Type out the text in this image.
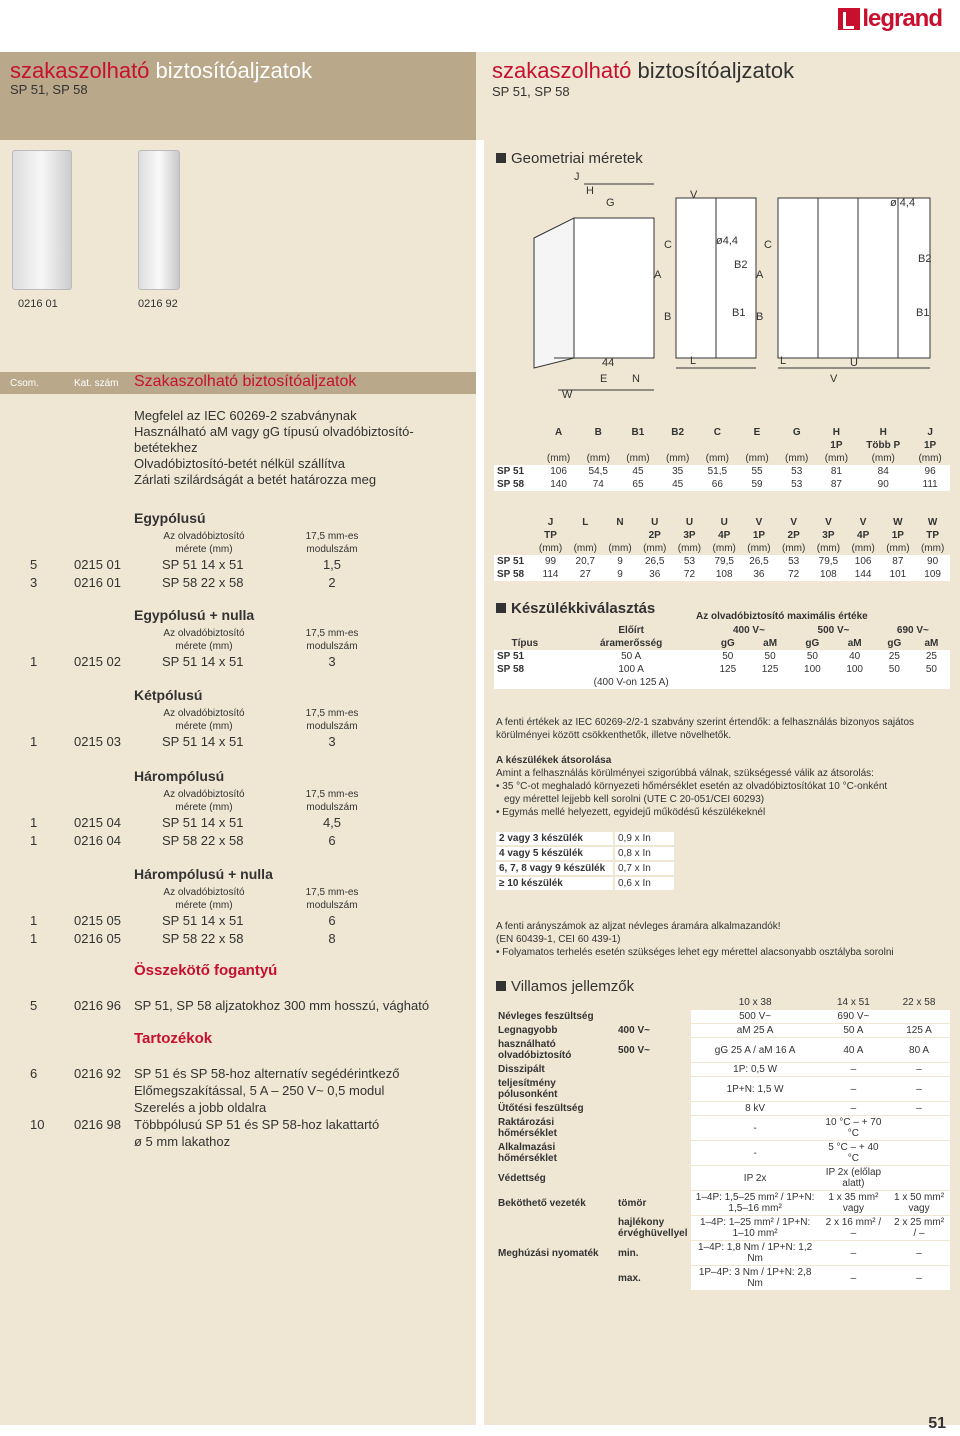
legrand
szakaszolható biztosítóaljzatok
SP 51, SP 58
szakaszolható biztosítóaljzatok
SP 51, SP 58
0216 01	0216 92
Csom.	Kat. szám Szakaszolható biztosítóaljzatok
Megfelel az IEC 60269-2 szabványnak
Használható aM vagy gG típusú olvadóbiztosító-
betétekhez
Olvadóbiztosító-betét nélkül szállítva
Zárlati szilárdságát a betét határozza meg
Egypólusú
Az olvadóbiztosító
mérete (mm)
17,5 mm-es
modulszám
5	0215 01	SP 51 14 x 51	1,5
3	0216 01	SP 58 22 x 58	2
Egypólusú + nulla
Az olvadóbiztosító
mérete (mm)
17,5 mm-es
modulszám
1	0215 02	SP 51 14 x 51	3
Kétpólusú
Az olvadóbiztosító
mérete (mm)
17,5 mm-es
modulszám
1	0215 03	SP 51 14 x 51	3
Hárompólusú
Az olvadóbiztosító
mérete (mm)
17,5 mm-es
modulszám
1	0215 04	SP 51 14 x 51	4,5
1	0216 04	SP 58 22 x 58	6
Hárompólusú + nulla
Az olvadóbiztosító
mérete (mm)
17,5 mm-es
modulszám
1	0215 05	SP 51 14 x 51	6
1	0216 05	SP 58 22 x 58	8
Összekötő fogantyú
5	0216 96 SP 51, SP 58 aljzatokhoz 300 mm hosszú, vágható
Tartozékok
6	0216 92 SP 51 és SP 58-hoz alternatív segédérintkező
Előmegszakítással, 5 A – 250 V~ 0,5 modul
Szerelés a jobb oldalra
10 0216 98 Többpólusú SP 51 és SP 58-hoz lakattartó
ø 5 mm lakathoz
Geometriai méretek
J
H
G
V
ø 4,4
ø4,4
C
A
C
A
B2	B2
B	B1 B	B1
44
E N
L	L	U
V
W
	A	B	B1	B2	C	E	G	H	H	J
								1P	Több P	1P
	(mm)	(mm)	(mm)	(mm)	(mm)	(mm)	(mm)	(mm)	(mm)	(mm)
SP 51	106	54,5	45	35	51,5	55	53	81	84	96
SP 58	140	74	65	45	66	59	53	87	90	111
	J	L	N	U	U	U	V	V	V	V	W	W
	TP			2P	3P	4P	1P	2P	3P	4P	1P	TP
	(mm)	(mm)	(mm)	(mm)	(mm)	(mm)	(mm)	(mm)	(mm)	(mm)	(mm)	(mm)
SP 51	99	20,7	9	26,5	53	79,5	26,5	53	79,5	106	87	90
SP 58	114	27	9	36	72	108	36	72	108	144	101	109
Készülékkiválasztás	Az olvadóbiztosító maximális értéke
	Előírt	400 V~		500 V~		690 V~	
Típus	áramerősség	gG	aM	gG	aM	gG	aM
SP 51	50 A	50	50	50	40	25	25
SP 58	100 A	125	125	100	100	50	50
	(400 V-on 125 A)						
A fenti értékek az IEC 60269-2/2-1 szabvány szerint értendők: a felhasználás bizonyos sajátos körülményei között csökkenthetők, illetve növelhetők.
A készülékek átsorolása
Amint a felhasználás körülményei szigorúbbá válnak, szükségessé válik az átsorolás:
• 35 °C-ot meghaladó környezeti hőmérséklet esetén az olvadóbiztosítókat 10 °C-onként
egy mérettel lejjebb kell sorolni (UTE C 20-051/CEI 60293)
• Egymás mellé helyezett, egyidejű működésű készülékeknél
2 vagy 3 készülék	0,9 x In
4 vagy 5 készülék	0,8 x In
6, 7, 8 vagy 9 készülék	0,7 x In
≥ 10 készülék	0,6 x In
A fenti arányszámok az aljzat névleges áramára alkalmazandók!
(EN 60439-1, CEI 60 439-1)
• Folyamatos terhelés esetén szükséges lehet egy mérettel alacsonyabb osztályba sorolni
Villamos jellemzők
		10 x 38	14 x 51	22 x 58
Névleges feszültség		500 V~	690 V~	
Legnagyobb	400 V~	aM 25 A	50 A	125 A
használható olvadóbiztosító	500 V~	gG 25 A / aM 16 A	40 A	80 A
Disszipált		1P: 0,5 W	–	–
teljesítmény pólusonként		1P+N: 1,5 W	–	–
Ütőtési feszültség		8 kV	–	–
Raktározási hőmérséklet		-	10 °C – + 70 °C	
Alkalmazási hőmérséklet		-	5 °C – + 40 °C	
Védettség		IP 2x	IP 2x (előlap alatt)	
Beköthető vezeték	tömör	1–4P: 1,5–25 mm² / 1P+N: 1,5–16 mm²	1 x 35 mm² vagy	1 x 50 mm² vagy
	hajlékony érvéghüvellyel	1–4P: 1–25 mm² / 1P+N: 1–10 mm²	2 x 16 mm² / –	2 x 25 mm² / –
Meghúzási nyomaték	min.	1–4P: 1,8 Nm / 1P+N: 1,2 Nm	–	–
	max.	1P–4P: 3 Nm / 1P+N: 2,8 Nm	–	–
51
